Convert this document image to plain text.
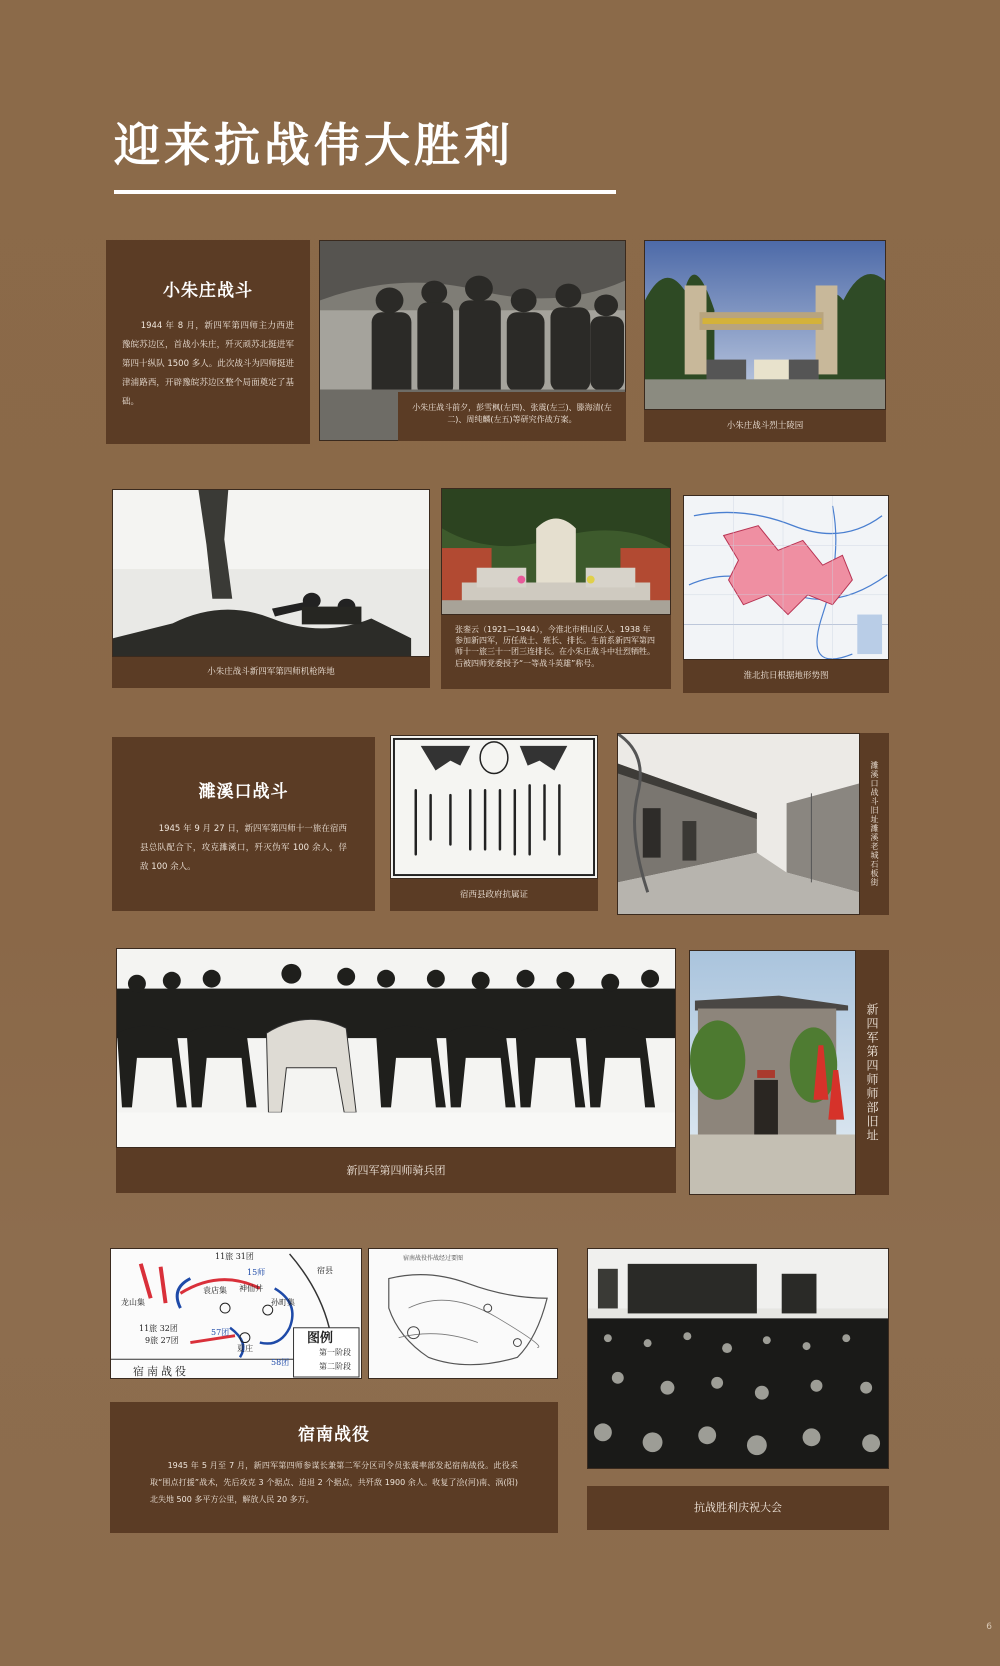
迎来抗战伟大胜利
小朱庄战斗

1944 年 8 月，新四军第四师主力西进豫皖苏边区，首战小朱庄，歼灭顽苏北挺进军第四十纵队 1500 多人。此次战斗为四师挺进津浦路西，开辟豫皖苏边区整个局面奠定了基础。

小朱庄战斗前夕，彭雪枫(左四)、张震(左三)、滕海清(左二)、周纯麟(左五)等研究作战方案。
小朱庄战斗烈士陵园
小朱庄战斗新四军第四师机枪阵地
张銮云（1921—1944），今淮北市相山区人。1938 年参加新四军，历任战士、班长、排长。生前系新四军第四师十一旅三十一团三连排长。在小朱庄战斗中壮烈牺牲。后被四师党委授予“一等战斗英雄”称号。
淮北抗日根据地形势图
濉溪口战斗

1945 年 9 月 27 日，新四军第四师十一旅在宿西县总队配合下，攻克濉溪口，歼灭伪军 100 余人，俘敌 100 余人。

宿西县政府抗属证
濉溪口战斗旧址濉溪老城石板街
新四军第四师骑兵团
新四军第四师师部旧址
11旅 31团
15师	宿县
龙山集
袁店集 神仙井
孙町集
11旅 32团
9旅 27团
57团
夏庄
58团
宿南战役
图例
第一阶段
第二阶段
宿南战役作战经过要图
抗战胜利庆祝大会
宿南战役

1945 年 5 月至 7 月，新四军第四师参谋长兼第二军分区司令员张震率部发起宿南战役。此役采取“围点打援”战术，先后攻克 3 个据点、迫退 2 个据点，共歼敌 1900 余人。收复了浍(河)南、涡(阳)北失地 500 多平方公里，解放人民 20 多万。

6
